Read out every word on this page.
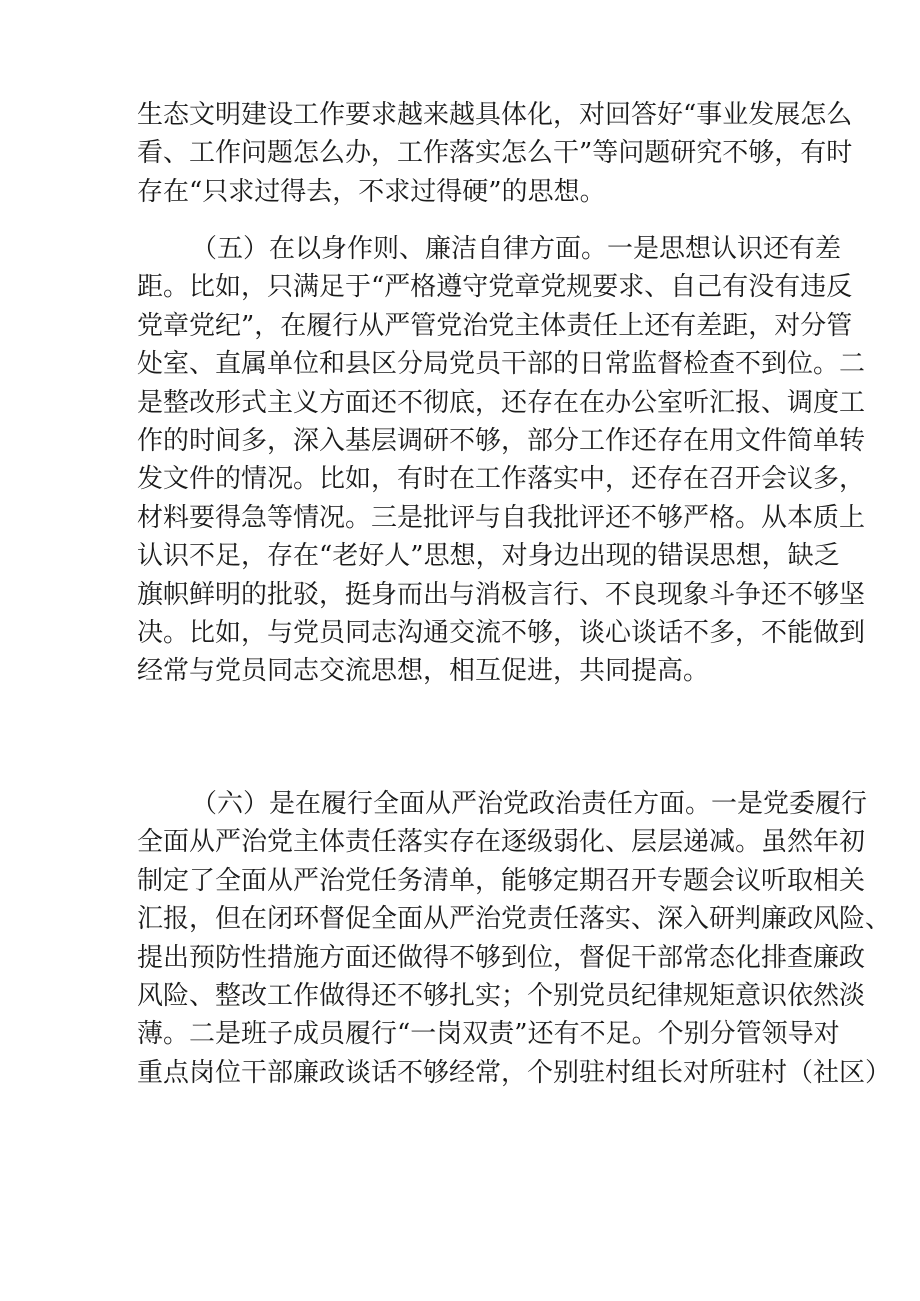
生态文明建设工作要求越来越具体化，对回答好“事业发展怎么
看、工作问题怎么办，工作落实怎么干”等问题研究不够，有时
存在“只求过得去，不求过得硬”的思想。
（五）在以身作则、廉洁自律方面。一是思想认识还有差
距。比如，只满足于“严格遵守党章党规要求、自己有没有违反
党章党纪”，在履行从严管党治党主体责任上还有差距，对分管
处室、直属单位和县区分局党员干部的日常监督检查不到位。二
是整改形式主义方面还不彻底，还存在在办公室听汇报、调度工
作的时间多，深入基层调研不够，部分工作还存在用文件简单转
发文件的情况。比如，有时在工作落实中，还存在召开会议多，
材料要得急等情况。三是批评与自我批评还不够严格。从本质上
认识不足，存在“老好人”思想，对身边出现的错误思想，缺乏
旗帜鲜明的批驳，挺身而出与消极言行、不良现象斗争还不够坚
决。比如，与党员同志沟通交流不够，谈心谈话不多，不能做到
经常与党员同志交流思想，相互促进，共同提高。
（六）是在履行全面从严治党政治责任方面。一是党委履行
全面从严治党主体责任落实存在逐级弱化、层层递减。虽然年初
制定了全面从严治党任务清单，能够定期召开专题会议听取相关
汇报，但在闭环督促全面从严治党责任落实、深入研判廉政风险、
提出预防性措施方面还做得不够到位，督促干部常态化排查廉政
风险、整改工作做得还不够扎实；个别党员纪律规矩意识依然淡
薄。二是班子成员履行“一岗双责”还有不足。个别分管领导对
重点岗位干部廉政谈话不够经常，个别驻村组长对所驻村（社区）
